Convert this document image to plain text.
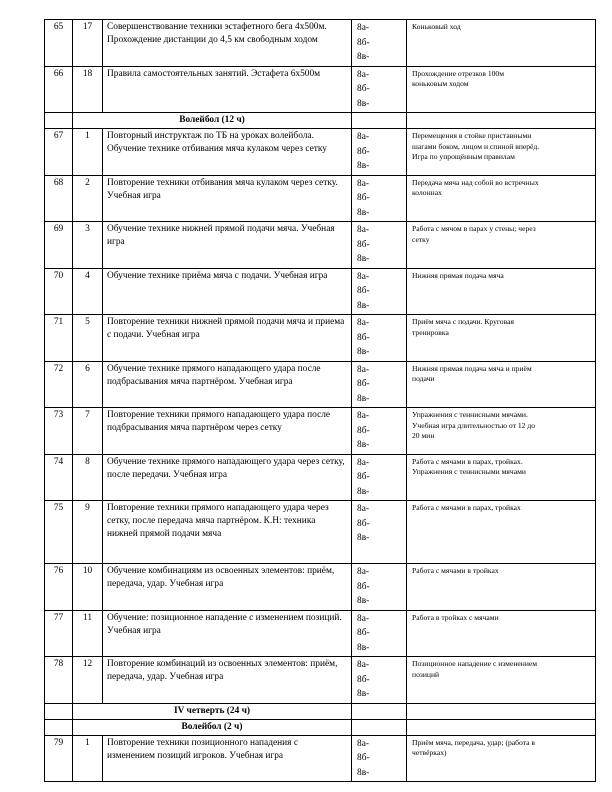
65	17	Совершенствование техники эстафетного бега 4х500м. Прохождение дистанции до 4,5 км свободным ходом	8а-
8б-
8в-	Коньковый ход

66	18	Правила самостоятельных занятий. Эстафета 6х500м	8а-
8б-
8в-	Прохождение отрезков 100м
коньковым ходом

	Волейбол (12 ч)			
67	1	Повторный инструктаж по ТБ на уроках волейбола. Обучение технике отбивания мяча кулаком через сетку	8а-
8б-
8в-	Перемещения в стойке приставными
шагами боком, лицом и спиной вперёд.
Игра по упрощённым правилам

68	2	Повторение техники отбивания мяча кулаком через сетку. Учебная игра	8а-
8б-
8в-	Передача мяча над собой во встречных
колоннах

69	3	Обучение технике нижней прямой подачи мяча. Учебная игра	8а-
8б-
8в-	Работа с мячом в парах у стены; через
сетку

70	4	Обучение технике приёма мяча с подачи. Учебная игра	8а-
8б-
8в-	Нижняя прямая подача мяча

71	5	Повторение техники нижней прямой подачи мяча и приема с подачи. Учебная игра	8а-
8б-
8в-	Приём мяча с подачи. Круговая
тренировка

72	6	Обучение технике прямого нападающего удара после подбрасывания мяча партнёром. Учебная игра	8а-
8б-
8в-	Нижняя прямая подача мяча и приём
подачи

73	7	Повторение техники прямого нападающего удара после подбрасывания мяча партнёром через сетку	8а-
8б-
8в-	Упражнения с теннисными мячами.
Учебная игра длительностью от 12 до
20 мин

74	8	Обучение технике прямого нападающего удара через сетку, после передачи. Учебная игра	8а-
8б-
8в-	Работа с мячами в парах, тройках.
Упражнения с теннисными мячами

75	9	Повторение техники прямого нападающего удара через сетку, после передача мяча партнёром. К.Н: техника нижней прямой подачи мяча	8а-
8б-
8в-	Работа с мячами в парах, тройках

76	10	Обучение комбинациям из освоенных элементов: приём, передача, удар. Учебная игра	8а-
8б-
8в-	Работа с мячами в тройках

77	11	Обучение: позиционное нападение с изменением позиций. Учебная игра	8а-
8б-
8в-	Работа в тройках с мячами

78	12	Повторение комбинаций из освоенных элементов: приём, передача, удар. Учебная игра	8а-
8б-
8в-	Позиционное нападение с изменением
позиций

	IV четверть (24 ч)			
	Волейбол (2 ч)			
79	1	Повторение техники позиционного нападения с изменением позиций игроков. Учебная игра	8а-
8б-
8в-	Приём мяча, передача, удар; (работа в
четвёрках)
